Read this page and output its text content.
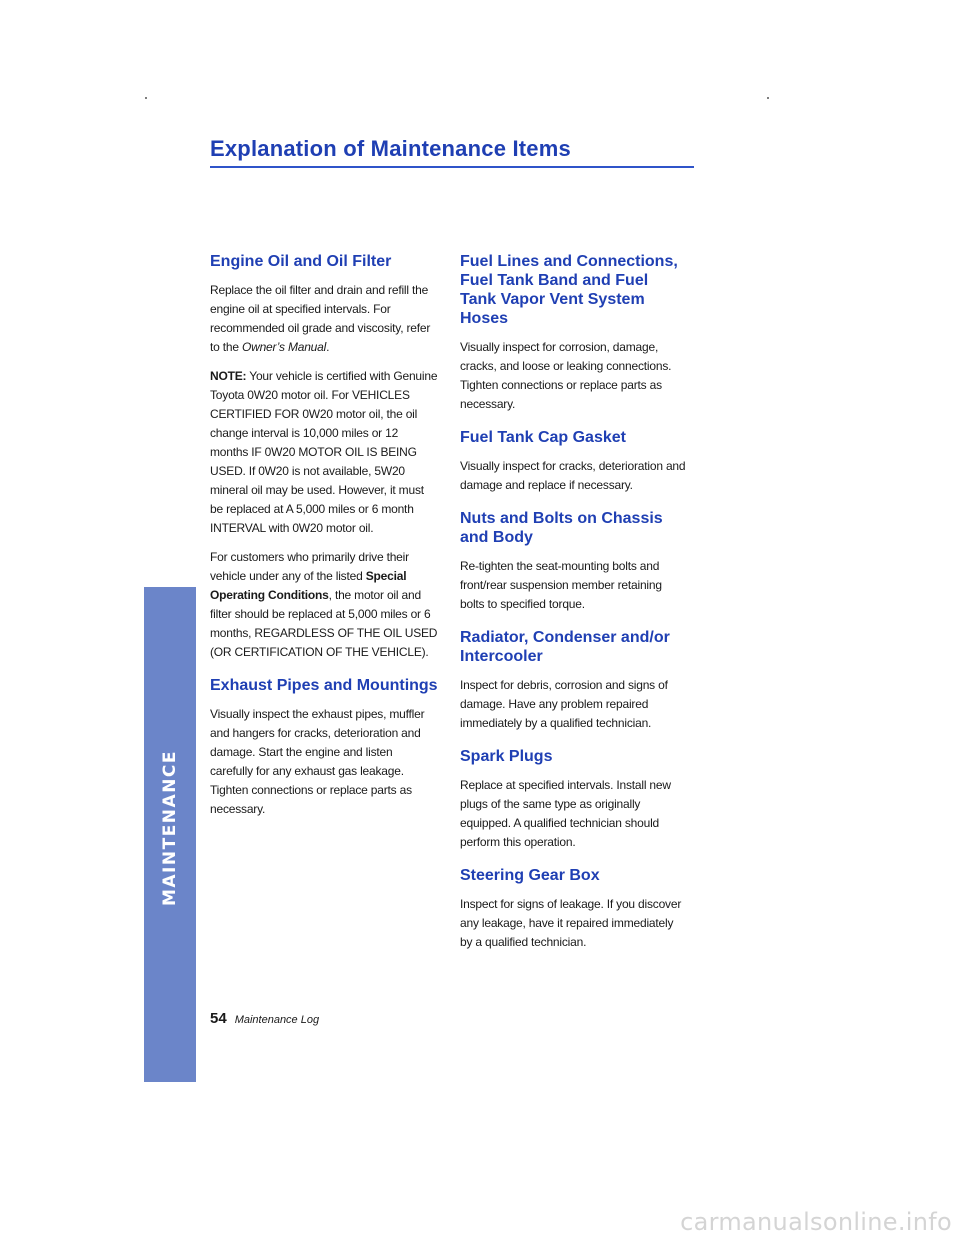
MAINTENANCE
Explanation of Maintenance Items
Engine Oil and Oil Filter

Replace the oil filter and drain and refill the engine oil at specified intervals. For recommended oil grade and viscosity, refer to the Owner’s Manual.

NOTE: Your vehicle is certified with Genuine Toyota 0W20 motor oil. For VEHICLES CERTIFIED FOR 0W20 motor oil, the oil change interval is 10,000 miles or 12 months IF 0W20 MOTOR OIL IS BEING USED. If 0W20 is not available, 5W20 mineral oil may be used. However, it must be replaced at A 5,000 miles or 6 month INTERVAL with 0W20 motor oil.

For customers who primarily drive their vehicle under any of the listed Special Operating Conditions, the motor oil and filter should be replaced at 5,000 miles or 6 months, REGARDLESS OF THE OIL USED (OR CERTIFICATION OF THE VEHICLE).

Exhaust Pipes and Mountings

Visually inspect the exhaust pipes, muffler and hangers for cracks, deterioration and damage. Start the engine and listen carefully for any exhaust gas leakage. Tighten connections or replace parts as necessary.

Fuel Lines and Connections, Fuel Tank Band and Fuel Tank Vapor Vent System Hoses

Visually inspect for corrosion, damage, cracks, and loose or leaking connections. Tighten connections or replace parts as necessary.

Fuel Tank Cap Gasket

Visually inspect for cracks, deterioration and damage and replace if necessary.

Nuts and Bolts on Chassis and Body

Re-tighten the seat-mounting bolts and front/rear suspension member retaining bolts to specified torque.

Radiator, Condenser and/or Intercooler

Inspect for debris, corrosion and signs of damage. Have any problem repaired immediately by a qualified technician.

Spark Plugs

Replace at specified intervals. Install new plugs of the same type as originally equipped. A qualified technician should perform this operation.

Steering Gear Box

Inspect for signs of leakage. If you discover any leakage, have it repaired immediately by a qualified technician.

54 Maintenance Log
carmanualsonline.info
